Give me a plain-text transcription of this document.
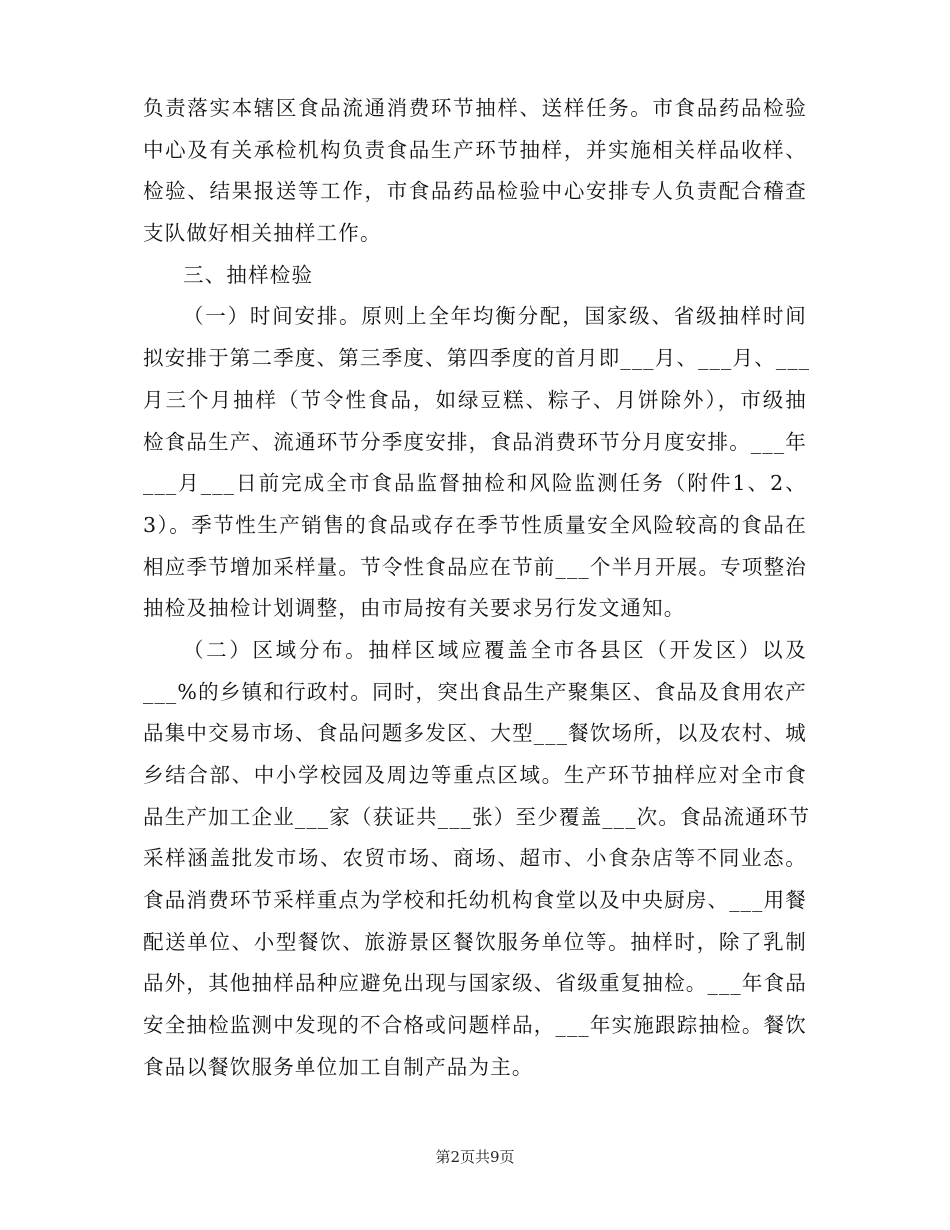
负责落实本辖区食品流通消费环节抽样、送样任务。市食品药品检验
中心及有关承检机构负责食品生产环节抽样，并实施相关样品收样、
检验、结果报送等工作，市食品药品检验中心安排专人负责配合稽查
支队做好相关抽样工作。
三、抽样检验
（一）时间安排。原则上全年均衡分配，国家级、省级抽样时间
拟安排于第二季度、第三季度、第四季度的首月即___月、___月、___
月三个月抽样（节令性食品，如绿豆糕、粽子、月饼除外），市级抽
检食品生产、流通环节分季度安排，食品消费环节分月度安排。___年
___月___日前完成全市食品监督抽检和风险监测任务（附件1、2、
3）。季节性生产销售的食品或存在季节性质量安全风险较高的食品在
相应季节增加采样量。节令性食品应在节前___个半月开展。专项整治
抽检及抽检计划调整，由市局按有关要求另行发文通知。
（二）区域分布。抽样区域应覆盖全市各县区（开发区）以及
___%的乡镇和行政村。同时，突出食品生产聚集区、食品及食用农产
品集中交易市场、食品问题多发区、大型___餐饮场所，以及农村、城
乡结合部、中小学校园及周边等重点区域。生产环节抽样应对全市食
品生产加工企业___家（获证共___张）至少覆盖___次。食品流通环节
采样涵盖批发市场、农贸市场、商场、超市、小食杂店等不同业态。
食品消费环节采样重点为学校和托幼机构食堂以及中央厨房、___用餐
配送单位、小型餐饮、旅游景区餐饮服务单位等。抽样时，除了乳制
品外，其他抽样品种应避免出现与国家级、省级重复抽检。___年食品
安全抽检监测中发现的不合格或问题样品，___年实施跟踪抽检。餐饮
食品以餐饮服务单位加工自制产品为主。
第2页共9页
